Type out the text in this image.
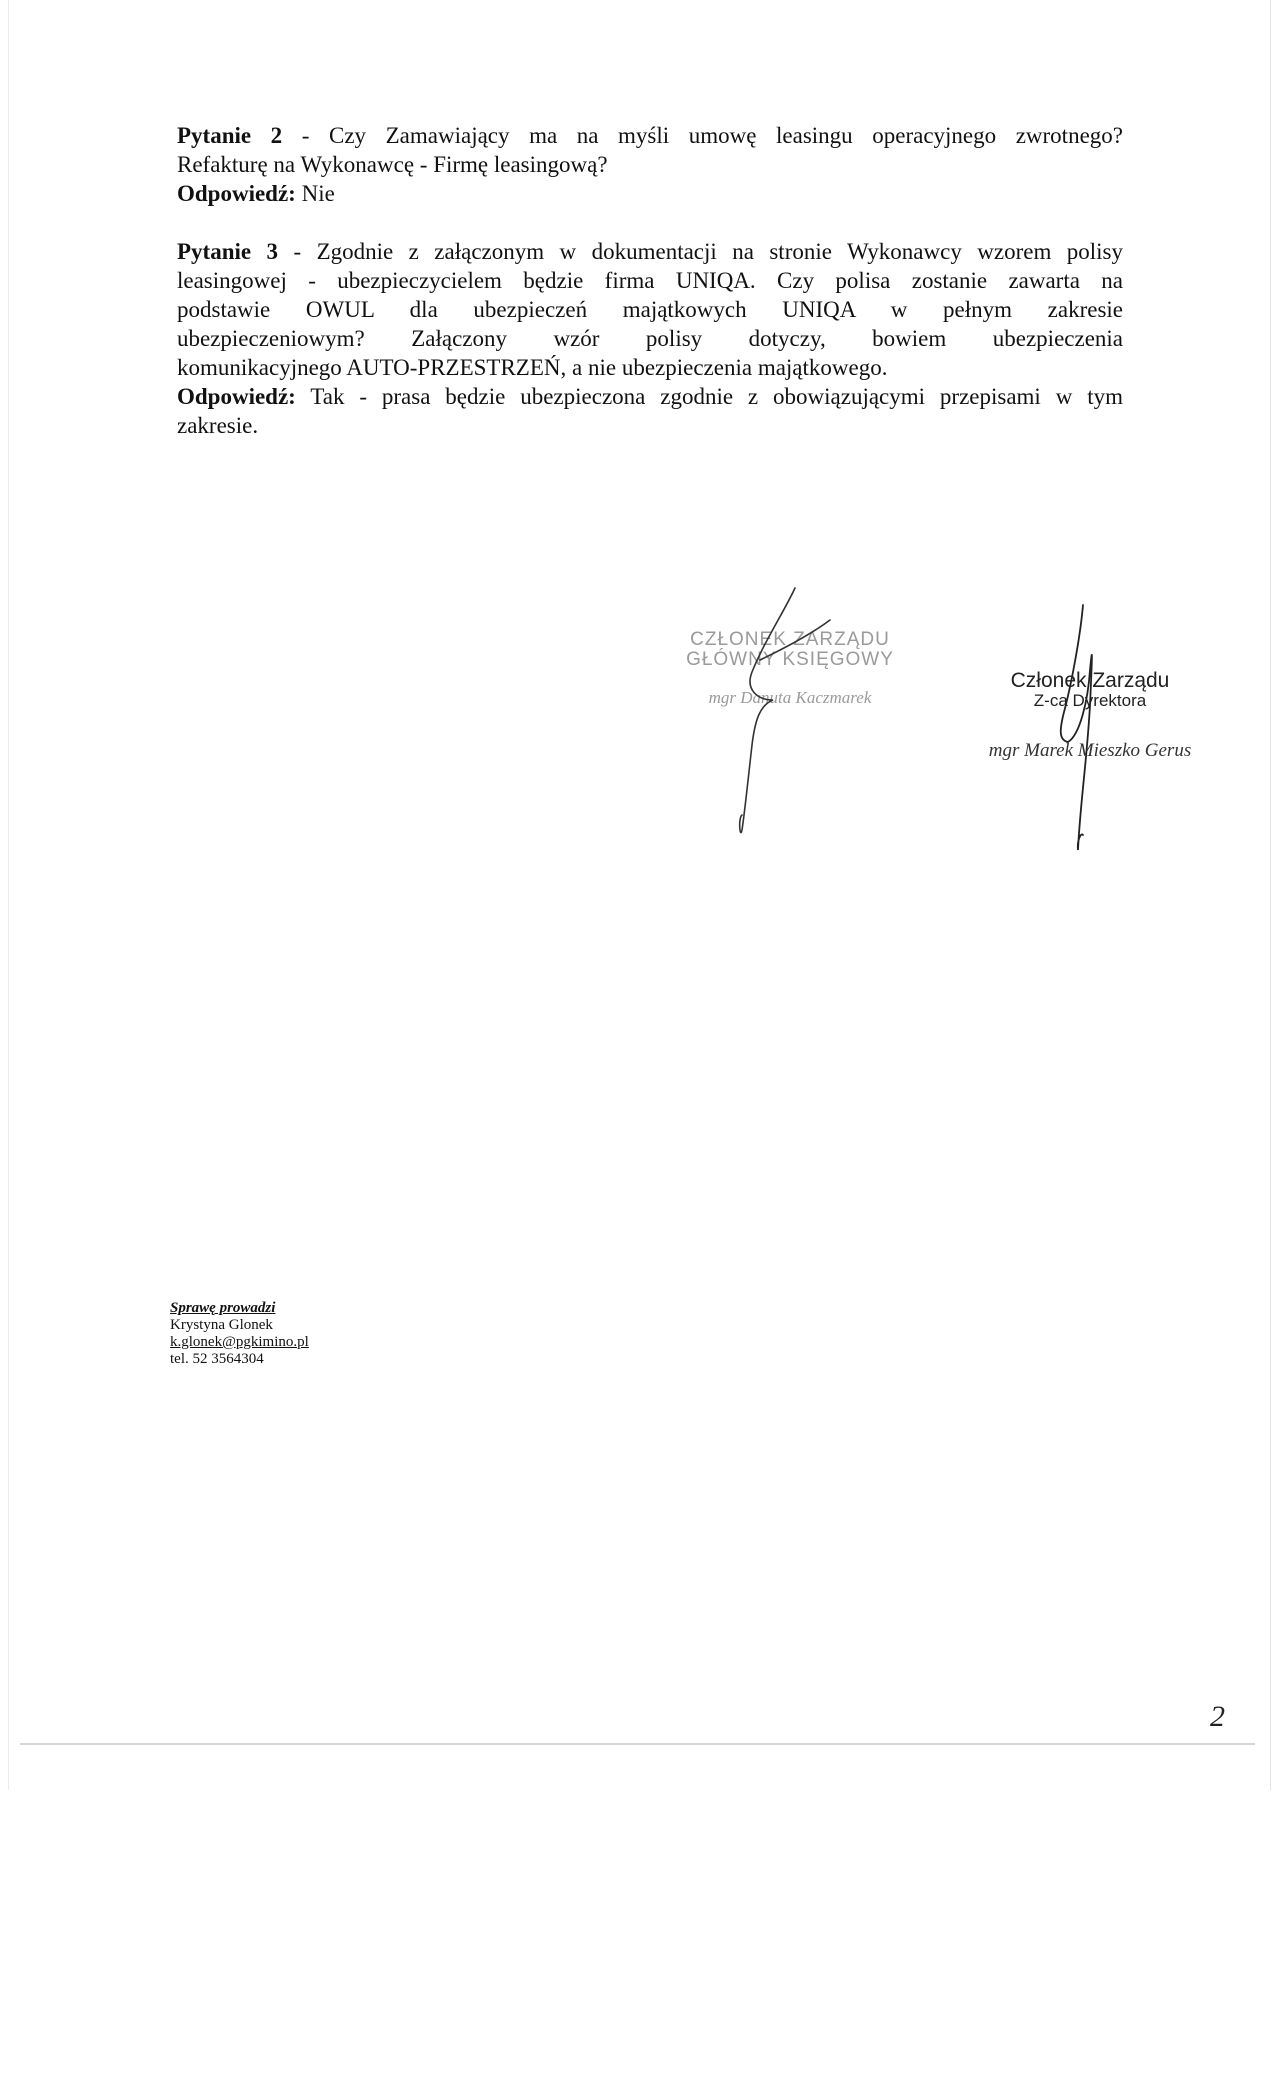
Pytanie 2 - Czy Zamawiający ma na myśli umowę leasingu operacyjnego zwrotnego?
Refakturę na Wykonawcę - Firmę leasingową?
Odpowiedź: Nie
Pytanie 3 - Zgodnie z załączonym w dokumentacji na stronie Wykonawcy wzorem polisy
leasingowej - ubezpieczycielem będzie firma UNIQA. Czy polisa zostanie zawarta na
podstawie OWUL dla ubezpieczeń majątkowych UNIQA w pełnym zakresie
ubezpieczeniowym? Załączony wzór polisy dotyczy, bowiem ubezpieczenia
komunikacyjnego AUTO-PRZESTRZEŃ, a nie ubezpieczenia majątkowego.
Odpowiedź: Tak - prasa będzie ubezpieczona zgodnie z obowiązującymi przepisami w tym
zakresie.
CZŁONEK ZARZĄDU
GŁÓWNY KSIĘGOWY
mgr Danuta Kaczmarek
Członek Zarządu
Z-ca Dyrektora
mgr Marek Mieszko Gerus
Sprawę prowadzi
Krystyna Glonek
k.glonek@pgkimino.pl
tel. 52 3564304
2
